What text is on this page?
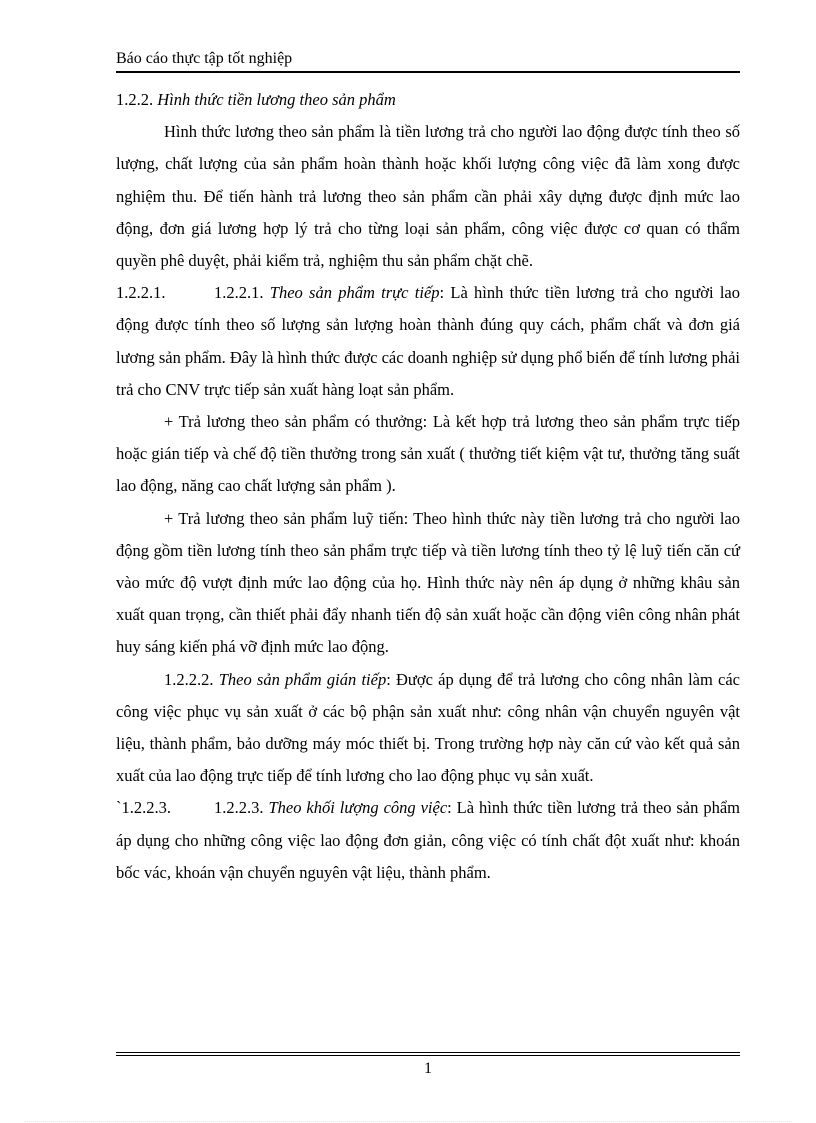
Báo cáo thực tập tốt nghiệp

1.2.2. Hình thức tiền lương theo sản phẩm

Hình thức lương theo sản phẩm là tiền lương trả cho người lao động được tính theo số lượng, chất lượng của sản phẩm hoàn thành hoặc khối lượng công việc đã làm xong được nghiệm thu. Để tiến hành trả lương theo sản phẩm cần phải xây dựng được định mức lao động, đơn giá lương hợp lý trả cho từng loại sản phẩm, công việc được cơ quan có thẩm quyền phê duyệt, phải kiểm trả, nghiệm thu sản phẩm chặt chẽ.

1.2.2.1.	1.2.2.1. Theo sản phẩm trực tiếp: Là hình thức tiền lương trả cho người lao động được tính theo số lượng sản lượng hoàn thành đúng quy cách, phẩm chất và đơn giá lương sản phẩm. Đây là hình thức được các doanh nghiệp sử dụng phổ biến để tính lương phải trả cho CNV trực tiếp sản xuất hàng loạt sản phẩm.

+ Trả lương theo sản phẩm có thưởng: Là kết hợp trả lương theo sản phẩm trực tiếp hoặc gián tiếp và chế độ tiền thưởng trong sản xuất ( thưởng tiết kiệm vật tư, thưởng tăng suất lao động, năng cao chất lượng sản phẩm ).

+ Trả lương theo sản phẩm luỹ tiến: Theo hình thức này tiền lương trả cho người lao động gồm tiền lương tính theo sản phẩm trực tiếp và tiền lương tính theo tỷ lệ luỹ tiến căn cứ vào mức độ vượt định mức lao động của họ. Hình thức này nên áp dụng ở những khâu sản xuất quan trọng, cần thiết phải đẩy nhanh tiến độ sản xuất hoặc cần động viên công nhân phát huy sáng kiến phá vỡ định mức lao động.

1.2.2.2. Theo sản phẩm gián tiếp: Được áp dụng để trả lương cho công nhân làm các công việc phục vụ sản xuất ở các bộ phận sản xuất như: công nhân vận chuyển nguyên vật liệu, thành phẩm, bảo dưỡng máy móc thiết bị. Trong trường hợp này căn cứ vào kết quả sản xuất của lao động trực tiếp để tính lương cho lao động phục vụ sản xuất.

`1.2.2.3.	1.2.2.3. Theo khối lượng công việc: Là hình thức tiền lương trả theo sản phẩm áp dụng cho những công việc lao động đơn giản, công việc có tính chất đột xuất như: khoán bốc vác, khoán vận chuyển nguyên vật liệu, thành phẩm.

1
